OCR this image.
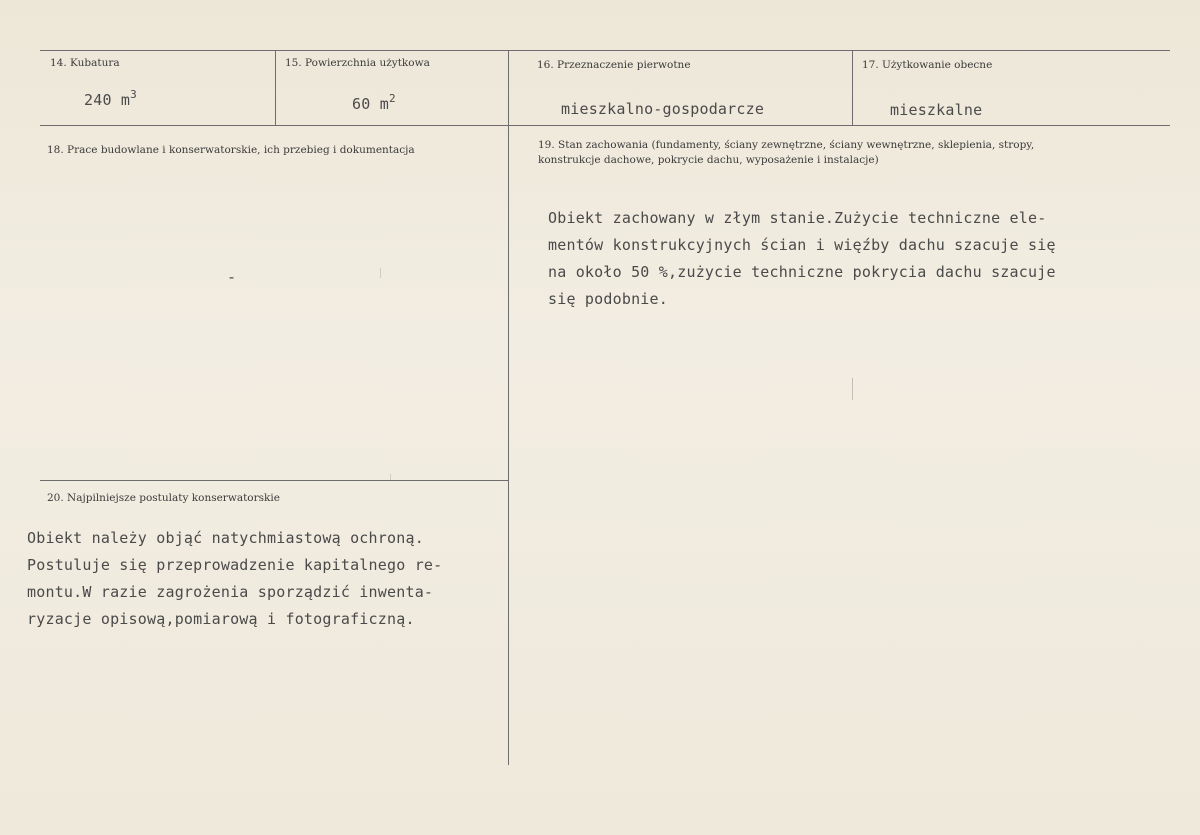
14. Kubatura
240 $m^3$
15. Powierzchnia użytkowa
60 $m^2$
16. Przeznaczenie pierwotne
mieszkalno-gospodarcze
17. Użytkowanie obecne
mieszkalne
18. Prace budowlane i konserwatorskie, ich przebieg i dokumentacja
-
19. Stan zachowania (fundamenty, ściany zewnętrzne, ściany wewnętrzne, sklepienia, stropy,
konstrukcje dachowe, pokrycie dachu, wyposażenie i instalacje)
Obiekt zachowany w złym stanie.Zużycie techniczne ele-
mentów konstrukcyjnych ścian i więźby dachu szacuje się
na około 50 %,zużycie techniczne pokrycia dachu szacuje
się podobnie.
20. Najpilniejsze postulaty konserwatorskie
Obiekt należy objąć natychmiastową ochroną.
Postuluje się przeprowadzenie kapitalnego re-
montu.W razie zagrożenia sporządzić inwenta-
ryzacje opisową,pomiarową i fotograficzną.
